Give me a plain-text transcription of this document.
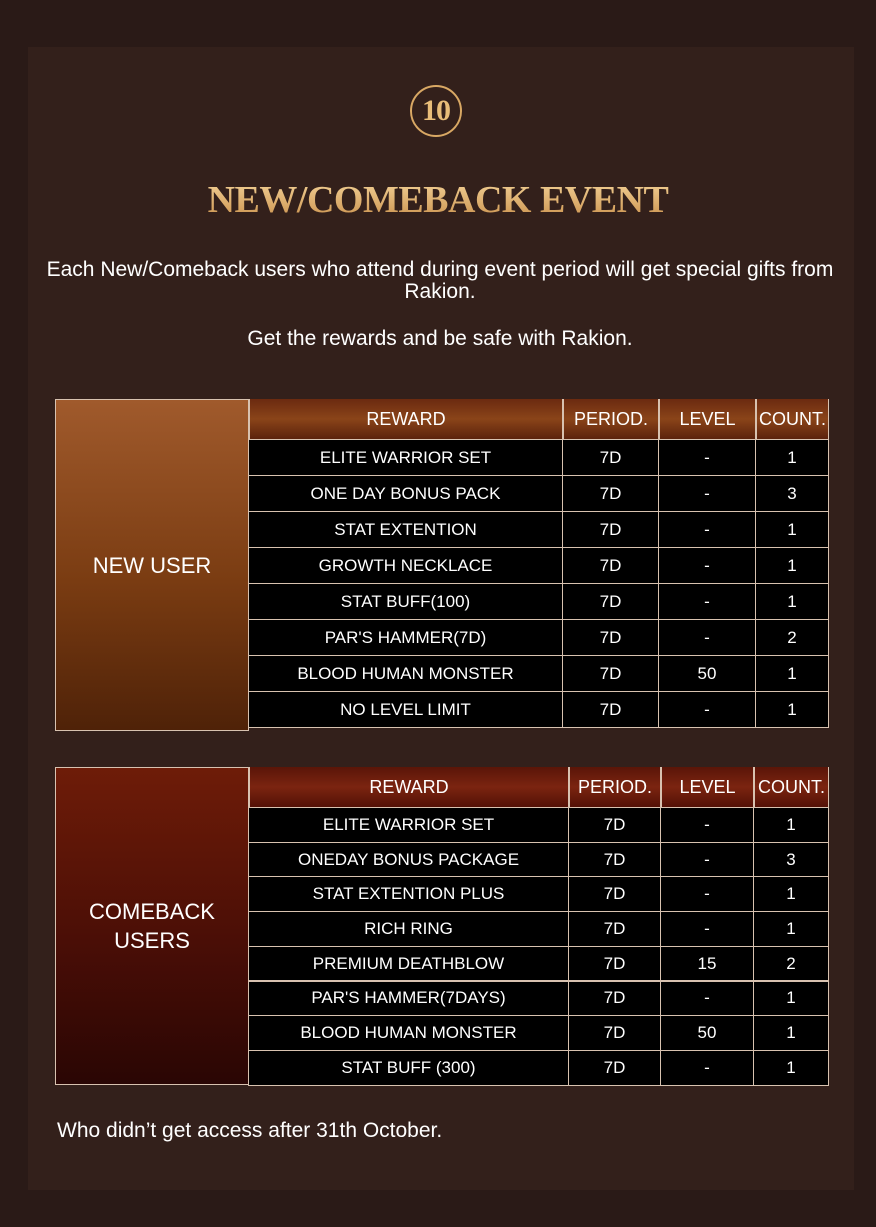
10
NEW/COMEBACK EVENT
Each New/Comeback users who attend during event period will get special gifts from Rakion.
Get the rewards and be safe with Rakion.
NEW USER
REWARD	PERIOD.	LEVEL	COUNT.
ELITE WARRIOR SET	7D	-	1
ONE DAY BONUS PACK	7D	-	3
STAT EXTENTION	7D	-	1
GROWTH NECKLACE	7D	-	1
STAT BUFF(100)	7D	-	1
PAR'S HAMMER(7D)	7D	-	2
BLOOD HUMAN MONSTER	7D	50	1
NO LEVEL LIMIT	7D	-	1
COMEBACK
USERS
REWARD	PERIOD.	LEVEL	COUNT.
ELITE WARRIOR SET	7D	-	1
ONEDAY BONUS PACKAGE	7D	-	3
STAT EXTENTION PLUS	7D	-	1
RICH RING	7D	-	1
PREMIUM DEATHBLOW	7D	15	2
PAR'S HAMMER(7DAYS)	7D	-	1
BLOOD HUMAN MONSTER	7D	50	1
STAT BUFF (300)	7D	-	1
Who didn’t get access after 31th October.
